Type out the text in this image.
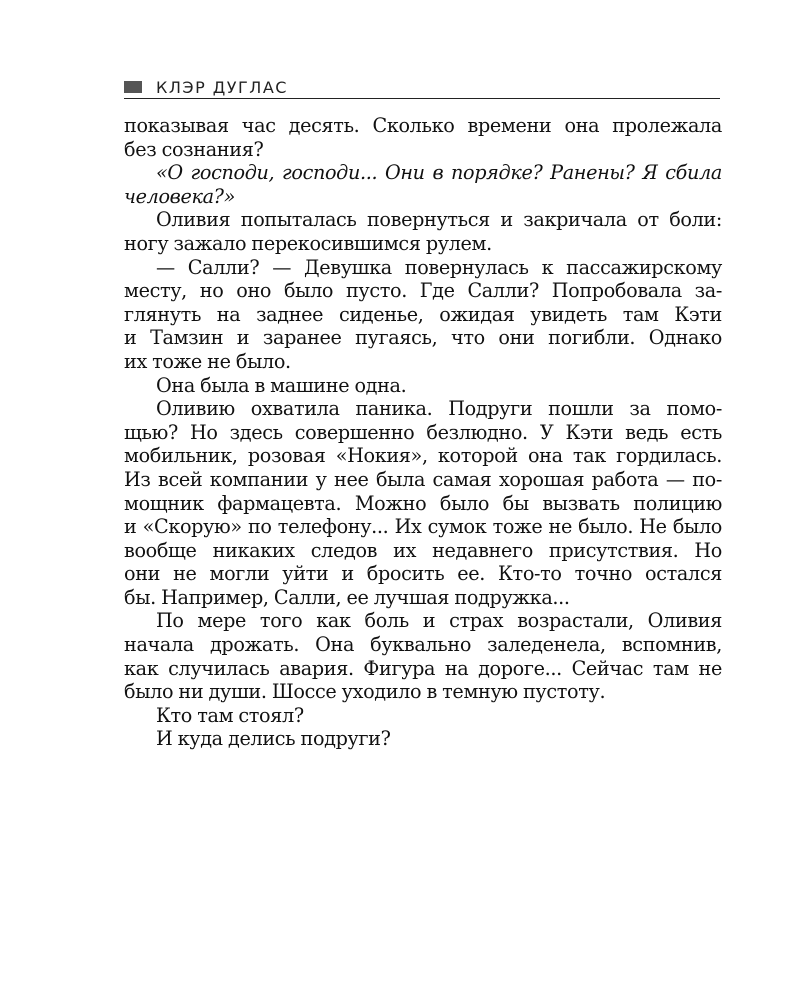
КЛЭР ДУГЛАС
показывая час десять. Сколько времени она пролежала
без сознания?
«О господи, господи... Они в порядке? Ранены? Я сбила
человека?»
Оливия попыталась повернуться и закричала от боли:
ногу зажало перекосившимся рулем.
— Салли? — Девушка повернулась к пассажирскому
месту, но оно было пусто. Где Салли? Попробовала за-
глянуть на заднее сиденье, ожидая увидеть там Кэти
и Тамзин и заранее пугаясь, что они погибли. Однако
их тоже не было.
Она была в машине одна.
Оливию охватила паника. Подруги пошли за помо-
щью? Но здесь совершенно безлюдно. У Кэти ведь есть
мобильник, розовая «Нокия», которой она так гордилась.
Из всей компании у нее была самая хорошая работа — по-
мощник фармацевта. Можно было бы вызвать полицию
и «Скорую» по телефону... Их сумок тоже не было. Не было
вообще никаких следов их недавнего присутствия. Но
они не могли уйти и бросить ее. Кто-то точно остался
бы. Например, Салли, ее лучшая подружка...
По мере того как боль и страх возрастали, Оливия
начала дрожать. Она буквально заледенела, вспомнив,
как случилась авария. Фигура на дороге... Сейчас там не
было ни души. Шоссе уходило в темную пустоту.
Кто там стоял?
И куда делись подруги?
